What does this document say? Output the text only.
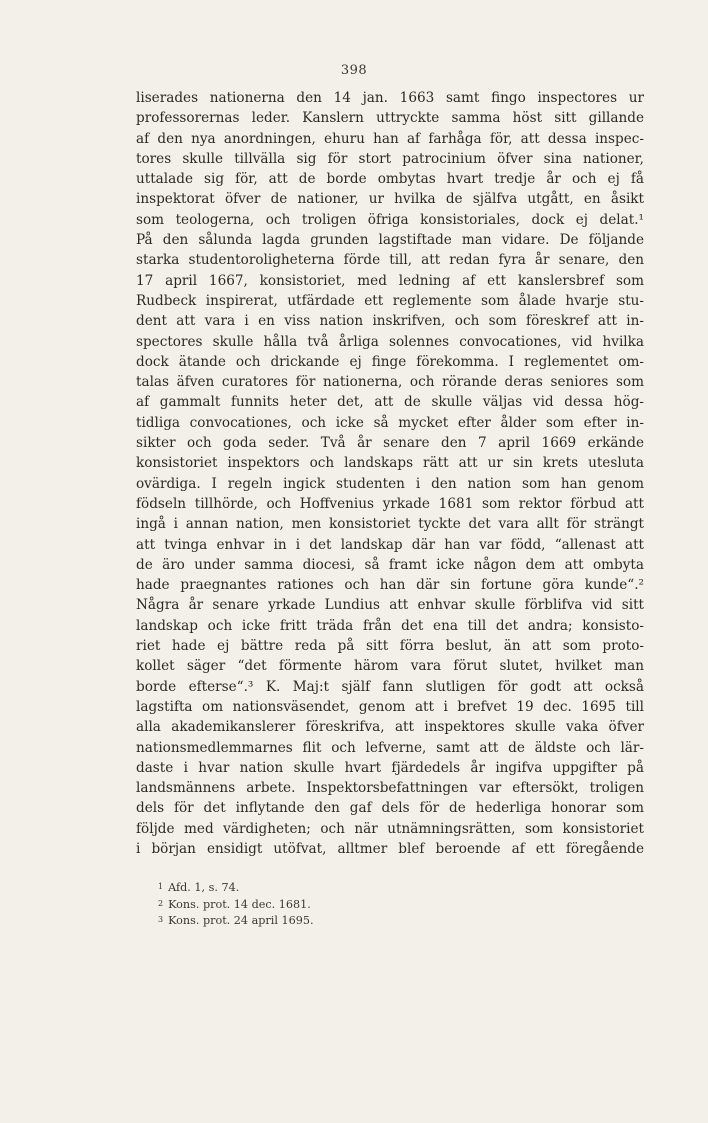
398
liserades nationerna den 14 jan. 1663 samt fingo inspectores ur
professorernas leder. Kanslern uttryckte samma höst sitt gillande
af den nya anordningen, ehuru han af farhåga för, att dessa inspec-
tores skulle tillvälla sig för stort patrocinium öfver sina nationer,
uttalade sig för, att de borde ombytas hvart tredje år och ej få
inspektorat öfver de nationer, ur hvilka de själfva utgått, en åsikt
som teologerna, och troligen öfriga konsistoriales, dock ej delat.¹
På den sålunda lagda grunden lagstiftade man vidare. De följande
starka studentoroligheterna förde till, att redan fyra år senare, den
17 april 1667, konsistoriet, med ledning af ett kanslersbref som
Rudbeck inspirerat, utfärdade ett reglemente som ålade hvarje stu-
dent att vara i en viss nation inskrifven, och som föreskref att in-
spectores skulle hålla två årliga solennes convocationes, vid hvilka
dock ätande och drickande ej finge förekomma. I reglementet om-
talas äfven curatores för nationerna, och rörande deras seniores som
af gammalt funnits heter det, att de skulle väljas vid dessa hög-
tidliga convocationes, och icke så mycket efter ålder som efter in-
sikter och goda seder. Två år senare den 7 april 1669 erkände
konsistoriet inspektors och landskaps rätt att ur sin krets utesluta
ovärdiga. I regeln ingick studenten i den nation som han genom
födseln tillhörde, och Hoffvenius yrkade 1681 som rektor förbud att
ingå i annan nation, men konsistoriet tyckte det vara allt för strängt
att tvinga enhvar in i det landskap där han var född, “allenast att
de äro under samma diocesi, så framt icke någon dem att ombyta
hade praegnantes rationes och han där sin fortune göra kunde“.²
Några år senare yrkade Lundius att enhvar skulle förblifva vid sitt
landskap och icke fritt träda från det ena till det andra; konsisto-
riet hade ej bättre reda på sitt förra beslut, än att som proto-
kollet säger “det förmente härom vara förut slutet, hvilket man
borde efterse“.³ K. Maj:t själf fann slutligen för godt att också
lagstifta om nationsväsendet, genom att i brefvet 19 dec. 1695 till
alla akademikanslerer föreskrifva, att inspektores skulle vaka öfver
nationsmedlemmarnes flit och lefverne, samt att de äldste och lär-
daste i hvar nation skulle hvart fjärdedels år ingifva uppgifter på
landsmännens arbete. Inspektorsbefattningen var eftersökt, troligen
dels för det inflytande den gaf dels för de hederliga honorar som
följde med värdigheten; och när utnämningsrätten, som konsistoriet
i början ensidigt utöfvat, alltmer blef beroende af ett föregående
$^1$ Afd. 1, s. 74.
$^2$ Kons. prot. 14 dec. 1681.
$^3$ Kons. prot. 24 april 1695.
